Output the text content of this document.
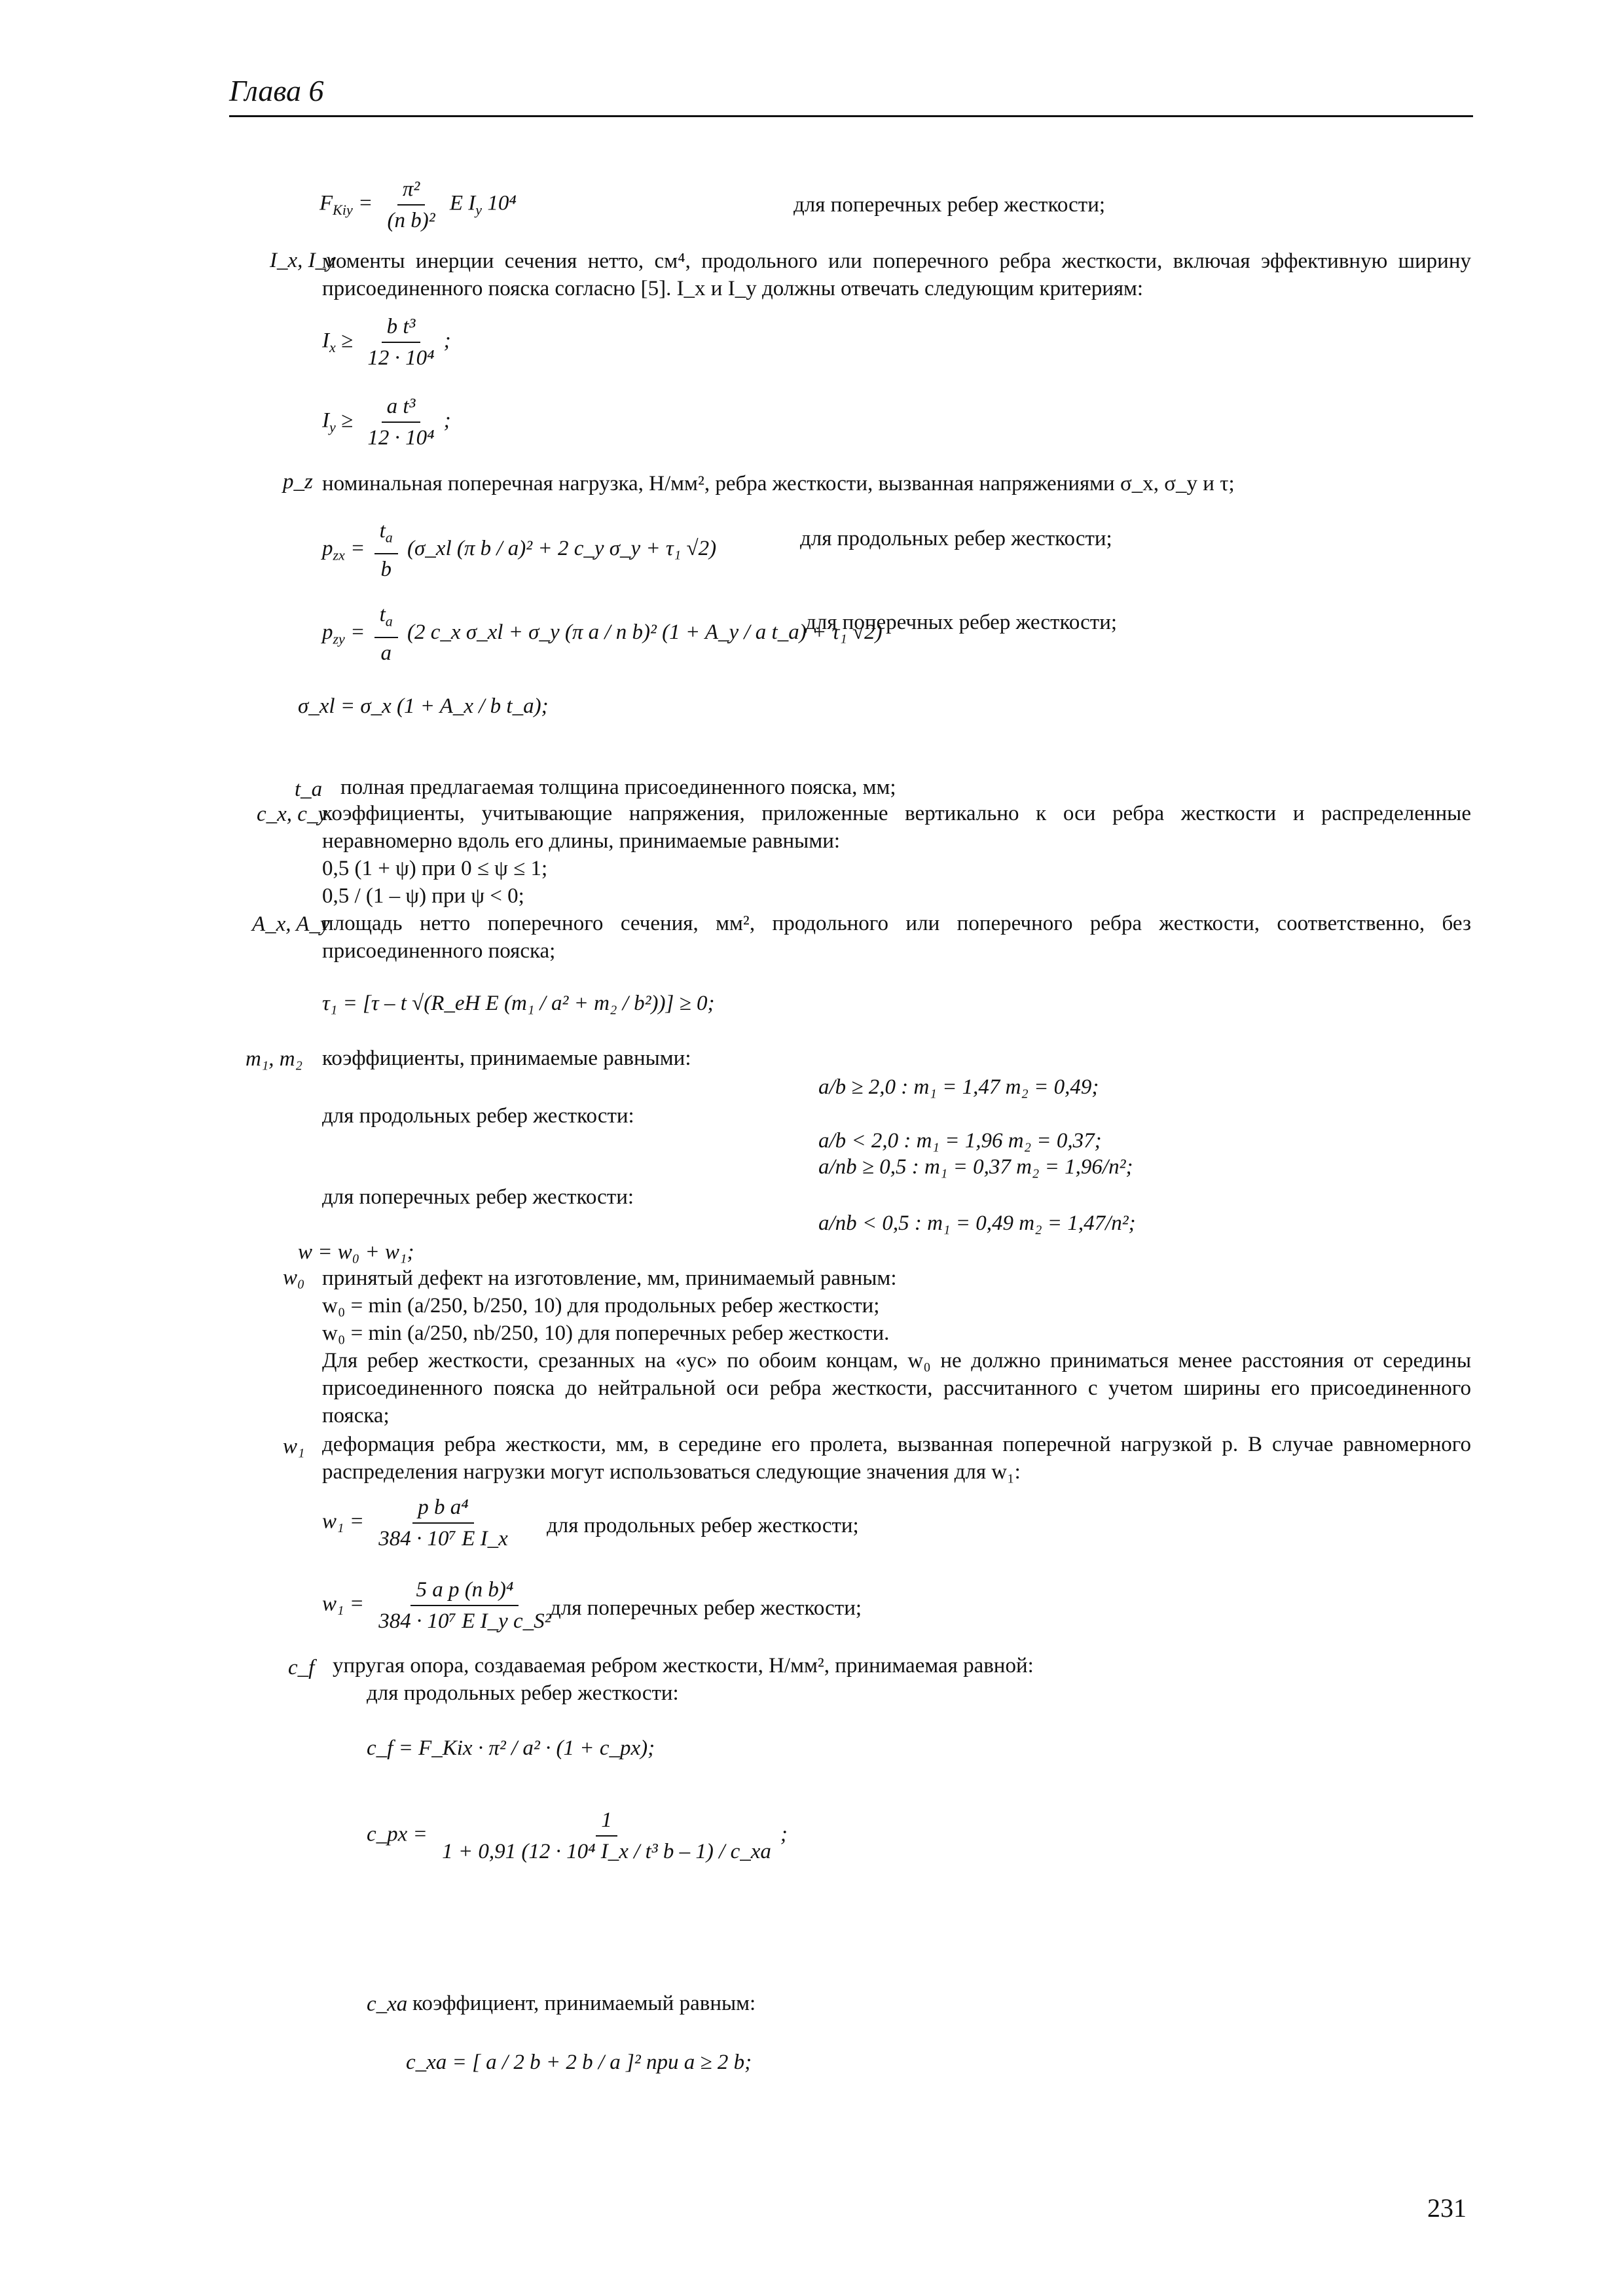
Глава 6
$F_{Kiy} = \frac{\text{π²}}{\text{(n b)²}}$ E $I_y$ 10⁴	для поперечных ребер жесткости;
I_x, I_y
моменты инерции сечения нетто, см⁴, продольного или поперечного ребра жесткости, включая эффективную ширину присоединенного пояска согласно [5]. I_x и I_y должны отвечать следующим критериям:
$I_x \ge \frac{\text{b t³}}{\text{12 · 10⁴}}$ ;
$I_y \ge \frac{\text{a t³}}{\text{12 · 10⁴}}$ ;
p_z номинальная поперечная нагрузка, Н/мм², ребра жесткости, вызванная напряжениями σ_x, σ_y и τ;
$p_{zx} = \frac{t_a}{b}$ (σ_xl (π b / a)² + 2 c_y σ_y + τ₁ √2)	для продольных ребер жесткости;
$p_{zy} = \frac{t_a}{a} (2$ c_x σ_xl + σ_y (π a / n b)² (1 + A_y / a t_a) + τ₁ √2)
для поперечных ребер жесткости;
σ_xl = σ_x (1 + A_x / b t_a);
t_a полная предлагаемая толщина присоединенного пояска, мм;
c_x, c_y
коэффициенты, учитывающие напряжения, приложенные вертикально к оси ребра жесткости и распределенные неравномерно вдоль его длины, принимаемые равными:
0,5 (1 + ψ) при 0 ≤ ψ ≤ 1;
0,5 / (1 – ψ) при ψ < 0;
A_x, A_y
площадь нетто поперечного сечения, мм², продольного или поперечного ребра жесткости, соответственно, без присоединенного пояска;
τ₁ = [τ – t √(R_eH E (m₁ / a² + m₂ / b²))] ≥ 0;
m₁, m₂ коэффициенты, принимаемые равными:
a/b ≥ 2,0 : m₁ = 1,47 m₂ = 0,49;
для продольных ребер жесткости:
a/b < 2,0 : m₁ = 1,96 m₂ = 0,37;
a/nb ≥ 0,5 : m₁ = 0,37 m₂ = 1,96/n²;
для поперечных ребер жесткости:
a/nb < 0,5 : m₁ = 0,49 m₂ = 1,47/n²;
w = w₀ + w₁;
w₀ принятый дефект на изготовление, мм, принимаемый равным:
w₀ = min (a/250, b/250, 10) для продольных ребер жесткости;
w₀ = min (a/250, nb/250, 10) для поперечных ребер жесткости.
Для ребер жесткости, срезанных на «ус» по обоим концам, w₀ не должно приниматься менее расстояния от середины присоединенного пояска до нейтральной оси ребра жесткости, рассчитанного с учетом ширины его присоединенного пояска;
w₁ деформация ребра жесткости, мм, в середине его пролета, вызванная поперечной нагрузкой p. В случае равномерного распределения нагрузки могут использоваться следующие значения для w₁:
$w_1 = \frac{\text{p b a⁴}}{\text{384 · 10⁷ E I\_x}}$ для продольных ребер жесткости;
$w_1 = \frac{\text{5 a p (n b)⁴}}{\text{384 · 10⁷ E I\_y c\_S²}}$
для поперечных ребер жесткости;
c_f упругая опора, создаваемая ребром жесткости, Н/мм², принимаемая равной:
для продольных ребер жесткости:
c_f = F_Kix · π² / a² · (1 + c_px);
c_px = $\frac{1}{\text{1 + 0,91 (12 · 10⁴ I\_x / t³ b – 1) / c\_xa}}$ ;
c_xa коэффициент, принимаемый равным:
c_xa = [ a / 2 b + 2 b / a ]² при a ≥ 2 b;
231
